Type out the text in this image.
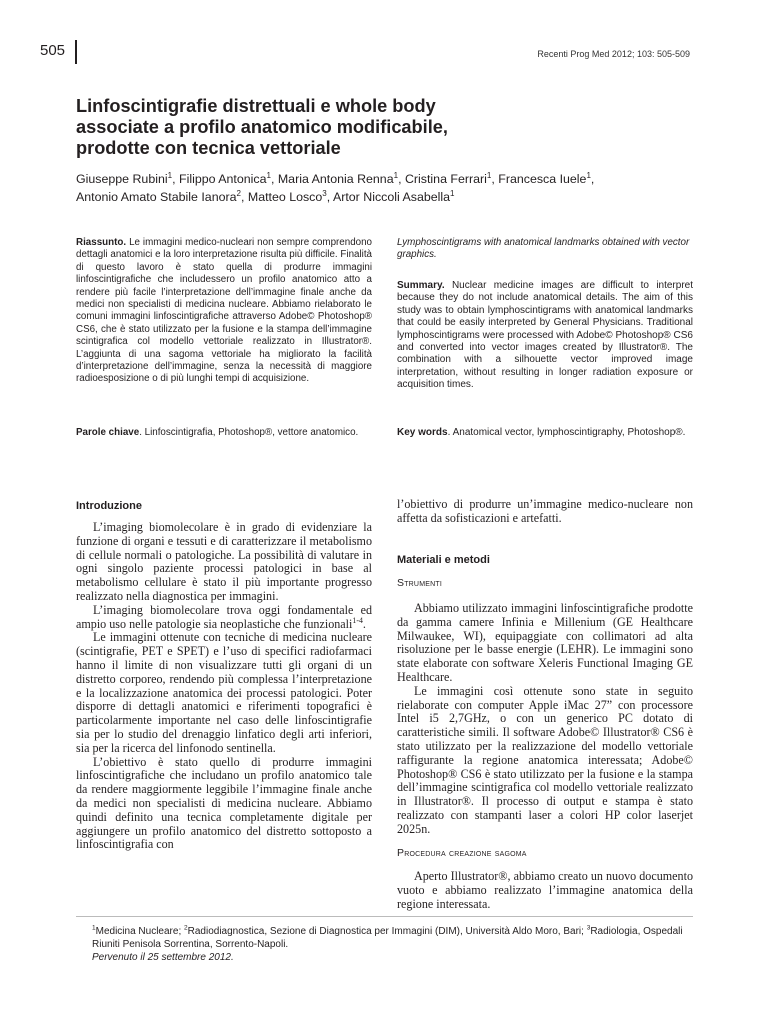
505	Recenti Prog Med 2012; 103: 505-509
Linfoscintigrafie distrettuali e whole body
associate a profilo anatomico modificabile,
prodotte con tecnica vettoriale
Giuseppe Rubini$^1$, Filippo Antonica$^1$, Maria Antonia Renna$^1$, Cristina Ferrari$^1$, Francesca Iuele$^1$,
Antonio Amato Stabile Ianora$^2$, Matteo Losco$^3$, Artor Niccoli Asabella$^1$

Riassunto. Le immagini medico-nucleari non sempre comprendono dettagli anatomici e la loro interpretazione risulta più difficile. Finalità di questo lavoro è stato quella di produrre immagini linfoscintigrafiche che includessero un profilo anatomico atto a rendere più facile l’interpretazione dell’immagine finale anche da medici non specialisti di medicina nucleare. Abbiamo rielaborato le comuni immagini linfoscintigrafiche attraverso Adobe© Photoshop® CS6, che è stato utilizzato per la fusione e la stampa dell’immagine scintigrafica col modello vettoriale realizzato in Illustrator®. L’aggiunta di una sagoma vettoriale ha migliorato la facilità d’interpretazione dell’immagine, senza la necessità di maggiore radioesposizione o di più lunghi tempi di acquisizione.

Parole chiave. Linfoscintigrafia, Photoshop®, vettore anatomico.

Lymphoscintigrams with anatomical landmarks obtained with vector graphics.

Summary. Nuclear medicine images are difficult to interpret because they do not include anatomical details. The aim of this study was to obtain lymphoscintigrams with anatomical landmarks that could be easily interpreted by General Physicians. Traditional lymphoscintigrams were processed with Adobe© Photoshop® CS6 and converted into vector images created by Illustrator®. The combination with a silhouette vector improved image interpretation, without resulting in longer radiation exposure or acquisition times.

Key words. Anatomical vector, lymphoscintigraphy, Photoshop®.

Introduzione

L’imaging biomolecolare è in grado di evidenziare la funzione di organi e tessuti e di caratterizzare il metabolismo di cellule normali o patologiche. La possibilità di valutare in ogni singolo paziente processi patologici in base al metabolismo cellulare è stato il più importante progresso realizzato nella diagnostica per immagini.

L’imaging biomolecolare trova oggi fondamentale ed ampio uso nelle patologie sia neoplastiche che funzionali$^{1-4}$.

Le immagini ottenute con tecniche di medicina nucleare (scintigrafie, PET e SPET) e l’uso di specifici radiofarmaci hanno il limite di non visualizzare tutti gli organi di un distretto corporeo, rendendo più complessa l’interpretazione e la localizzazione anatomica dei processi patologici. Poter disporre di dettagli anatomici e riferimenti topografici è particolarmente importante nel caso delle linfoscintigrafie sia per lo studio del drenaggio linfatico degli arti inferiori, sia per la ricerca del linfonodo sentinella.

L’obiettivo è stato quello di produrre immagini linfoscintigrafiche che includano un profilo anatomico tale da rendere maggiormente leggibile l’immagine finale anche da medici non specialisti di medicina nucleare. Abbiamo quindi definito una tecnica completamente digitale per aggiungere un profilo anatomico del distretto sottoposto a linfoscintigrafia con

l’obiettivo di produrre un’immagine medico-nucleare non affetta da sofisticazioni e artefatti.

Materiali e metodi
Strumenti

Abbiamo utilizzato immagini linfoscintigrafiche prodotte da gamma camere Infinia e Millenium (GE Healthcare Milwaukee, WI), equipaggiate con collimatori ad alta risoluzione per le basse energie (LEHR). Le immagini sono state elaborate con software Xeleris Functional Imaging GE Healthcare.

Le immagini così ottenute sono state in seguito rielaborate con computer Apple iMac 27” con processore Intel i5 2,7GHz, o con un generico PC dotato di caratteristiche simili. Il software Adobe© Illustrator® CS6 è stato utilizzato per la realizzazione del modello vettoriale raffigurante la regione anatomica interessata; Adobe© Photoshop® CS6 è stato utilizzato per la fusione e la stampa dell’immagine scintigrafica col modello vettoriale realizzato in Illustrator®. Il processo di output e stampa è stato realizzato con stampanti laser a colori HP color laserjet 2025n.

Procedura creazione sagoma

Aperto Illustrator®, abbiamo creato un nuovo documento vuoto e abbiamo realizzato l’immagine anatomica della regione interessata.

$^1$Medicina Nucleare; $^2$Radiodiagnostica, Sezione di Diagnostica per Immagini (DIM), Università Aldo Moro, Bari; $^3$Radiologia, Ospedali Riuniti Penisola Sorrentina, Sorrento-Napoli.
Pervenuto il 25 settembre 2012.
